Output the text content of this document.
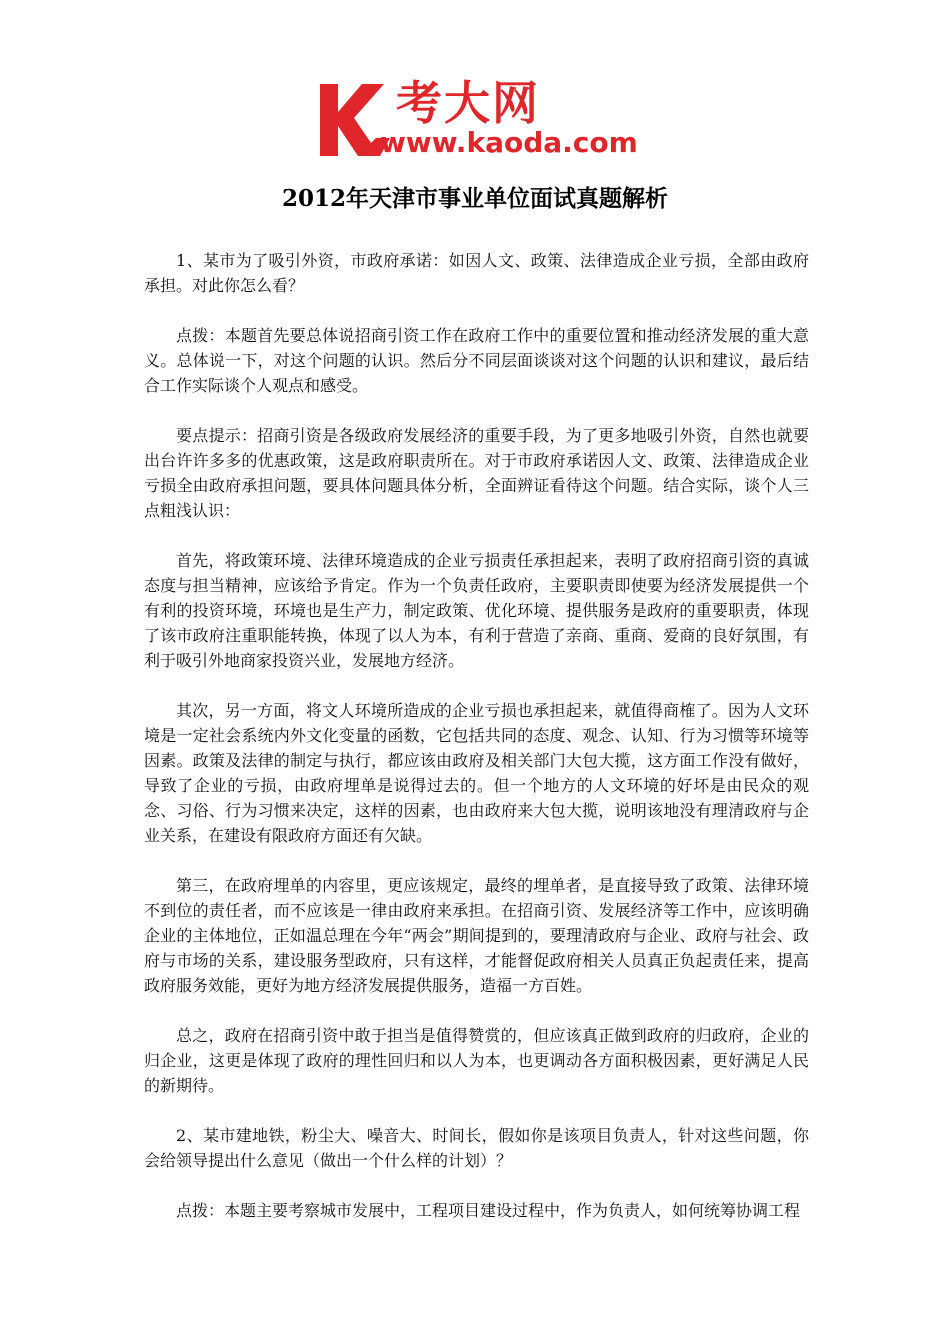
考大网
www.kaoda.com
2012年天津市事业单位面试真题解析

1、某市为了吸引外资，市政府承诺：如因人文、政策、法律造成企业亏损，全部由政府承担。对此你怎么看？

点拨：本题首先要总体说招商引资工作在政府工作中的重要位置和推动经济发展的重大意义。总体说一下，对这个问题的认识。然后分不同层面谈谈对这个问题的认识和建议，最后结合工作实际谈个人观点和感受。

要点提示：招商引资是各级政府发展经济的重要手段，为了更多地吸引外资，自然也就要出台许许多多的优惠政策，这是政府职责所在。对于市政府承诺因人文、政策、法律造成企业亏损全由政府承担问题，要具体问题具体分析，全面辨证看待这个问题。结合实际，谈个人三点粗浅认识：

首先，将政策环境、法律环境造成的企业亏损责任承担起来，表明了政府招商引资的真诚态度与担当精神，应该给予肯定。作为一个负责任政府，主要职责即使要为经济发展提供一个有利的投资环境，环境也是生产力，制定政策、优化环境、提供服务是政府的重要职责，体现了该市政府注重职能转换，体现了以人为本，有利于营造了亲商、重商、爱商的良好氛围，有利于吸引外地商家投资兴业，发展地方经济。

其次，另一方面，将文人环境所造成的企业亏损也承担起来，就值得商榷了。因为人文环境是一定社会系统内外文化变量的函数，它包括共同的态度、观念、认知、行为习惯等环境等因素。政策及法律的制定与执行，都应该由政府及相关部门大包大揽，这方面工作没有做好，导致了企业的亏损，由政府埋单是说得过去的。但一个地方的人文环境的好坏是由民众的观念、习俗、行为习惯来决定，这样的因素，也由政府来大包大揽，说明该地没有理清政府与企业关系，在建设有限政府方面还有欠缺。

第三，在政府埋单的内容里，更应该规定，最终的埋单者，是直接导致了政策、法律环境不到位的责任者，而不应该是一律由政府来承担。在招商引资、发展经济等工作中，应该明确企业的主体地位，正如温总理在今年“两会”期间提到的，要理清政府与企业、政府与社会、政府与市场的关系，建设服务型政府，只有这样，才能督促政府相关人员真正负起责任来，提高政府服务效能，更好为地方经济发展提供服务，造福一方百姓。

总之，政府在招商引资中敢于担当是值得赞赏的，但应该真正做到政府的归政府，企业的归企业，这更是体现了政府的理性回归和以人为本，也更调动各方面积极因素，更好满足人民的新期待。

2、某市建地铁，粉尘大、噪音大、时间长，假如你是该项目负责人，针对这些问题，你会给领导提出什么意见（做出一个什么样的计划）？

点拨：本题主要考察城市发展中，工程项目建设过程中，作为负责人，如何统筹协调工程
